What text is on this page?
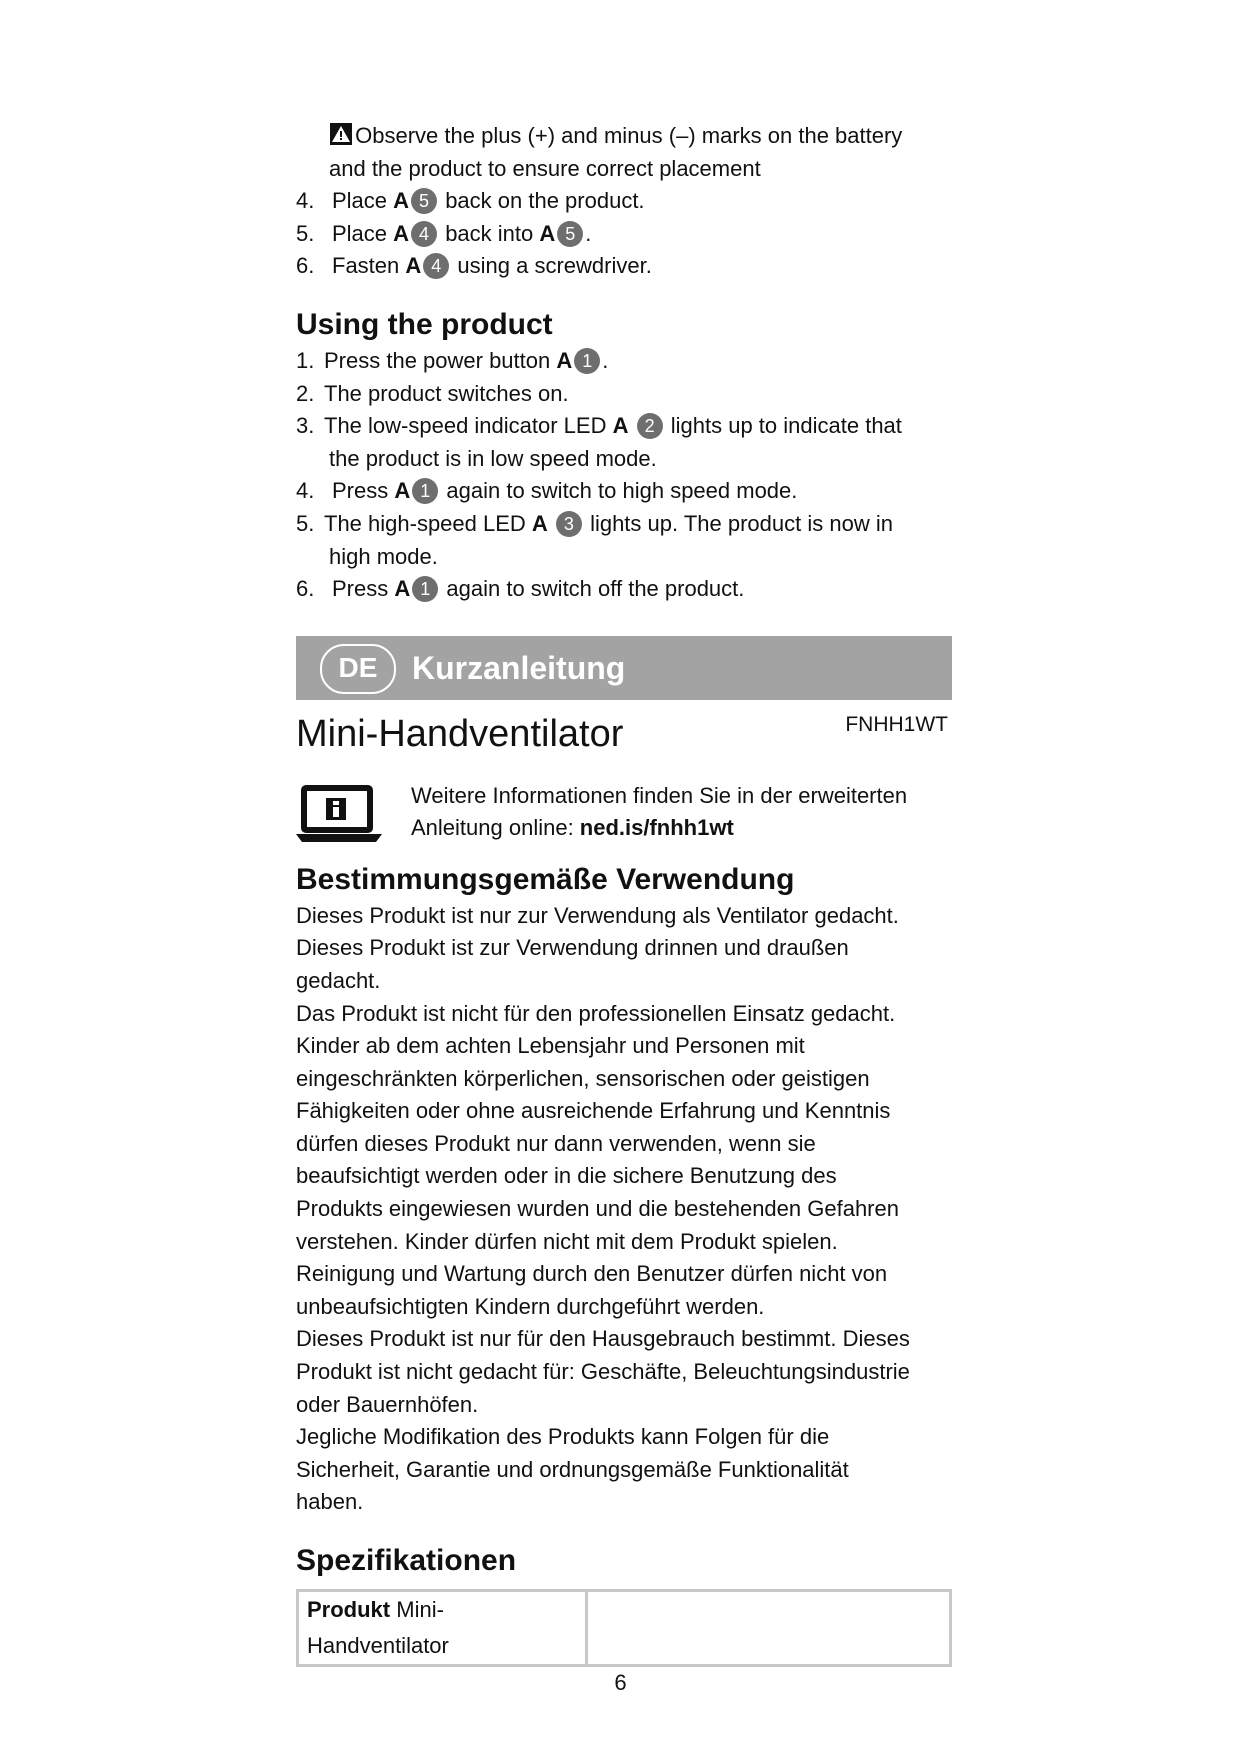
Observe the plus (+) and minus (–) marks on the battery
and the product to ensure correct placement
4. Place A 5 back on the product.
5. Place A 4 back into A 5 .
6. Fasten A 4 using a screwdriver.
Using the product
1. Press the power button A 1 .
2. The product switches on.
3. The low-speed indicator LED A 2 lights up to indicate that
the product is in low speed mode.
4. Press A 1 again to switch to high speed mode.
5. The high-speed LED A 3 lights up. The product is now in
high mode.
6. Press A 1 again to switch off the product.
DE	Kurzanleitung
Mini-Handventilator	FNHH1WT
Weitere Informationen finden Sie in der erweiterten
Anleitung online: ned.is/fnhh1wt
Bestimmungsgemäße Verwendung
Dieses Produkt ist nur zur Verwendung als Ventilator gedacht.
Dieses Produkt ist zur Verwendung drinnen und draußen
gedacht.
Das Produkt ist nicht für den professionellen Einsatz gedacht.
Kinder ab dem achten Lebensjahr und Personen mit
eingeschränkten körperlichen, sensorischen oder geistigen
Fähigkeiten oder ohne ausreichende Erfahrung und Kenntnis
dürfen dieses Produkt nur dann verwenden, wenn sie
beaufsichtigt werden oder in die sichere Benutzung des
Produkts eingewiesen wurden und die bestehenden Gefahren
verstehen. Kinder dürfen nicht mit dem Produkt spielen.
Reinigung und Wartung durch den Benutzer dürfen nicht von
unbeaufsichtigten Kindern durchgeführt werden.
Dieses Produkt ist nur für den Hausgebrauch bestimmt. Dieses
Produkt ist nicht gedacht für: Geschäfte, Beleuchtungsindustrie
oder Bauernhöfen.
Jegliche Modifikation des Produkts kann Folgen für die
Sicherheit, Garantie und ordnungsgemäße Funktionalität
haben.
Spezifikationen
Produkt Mini-Handventilator	
6
